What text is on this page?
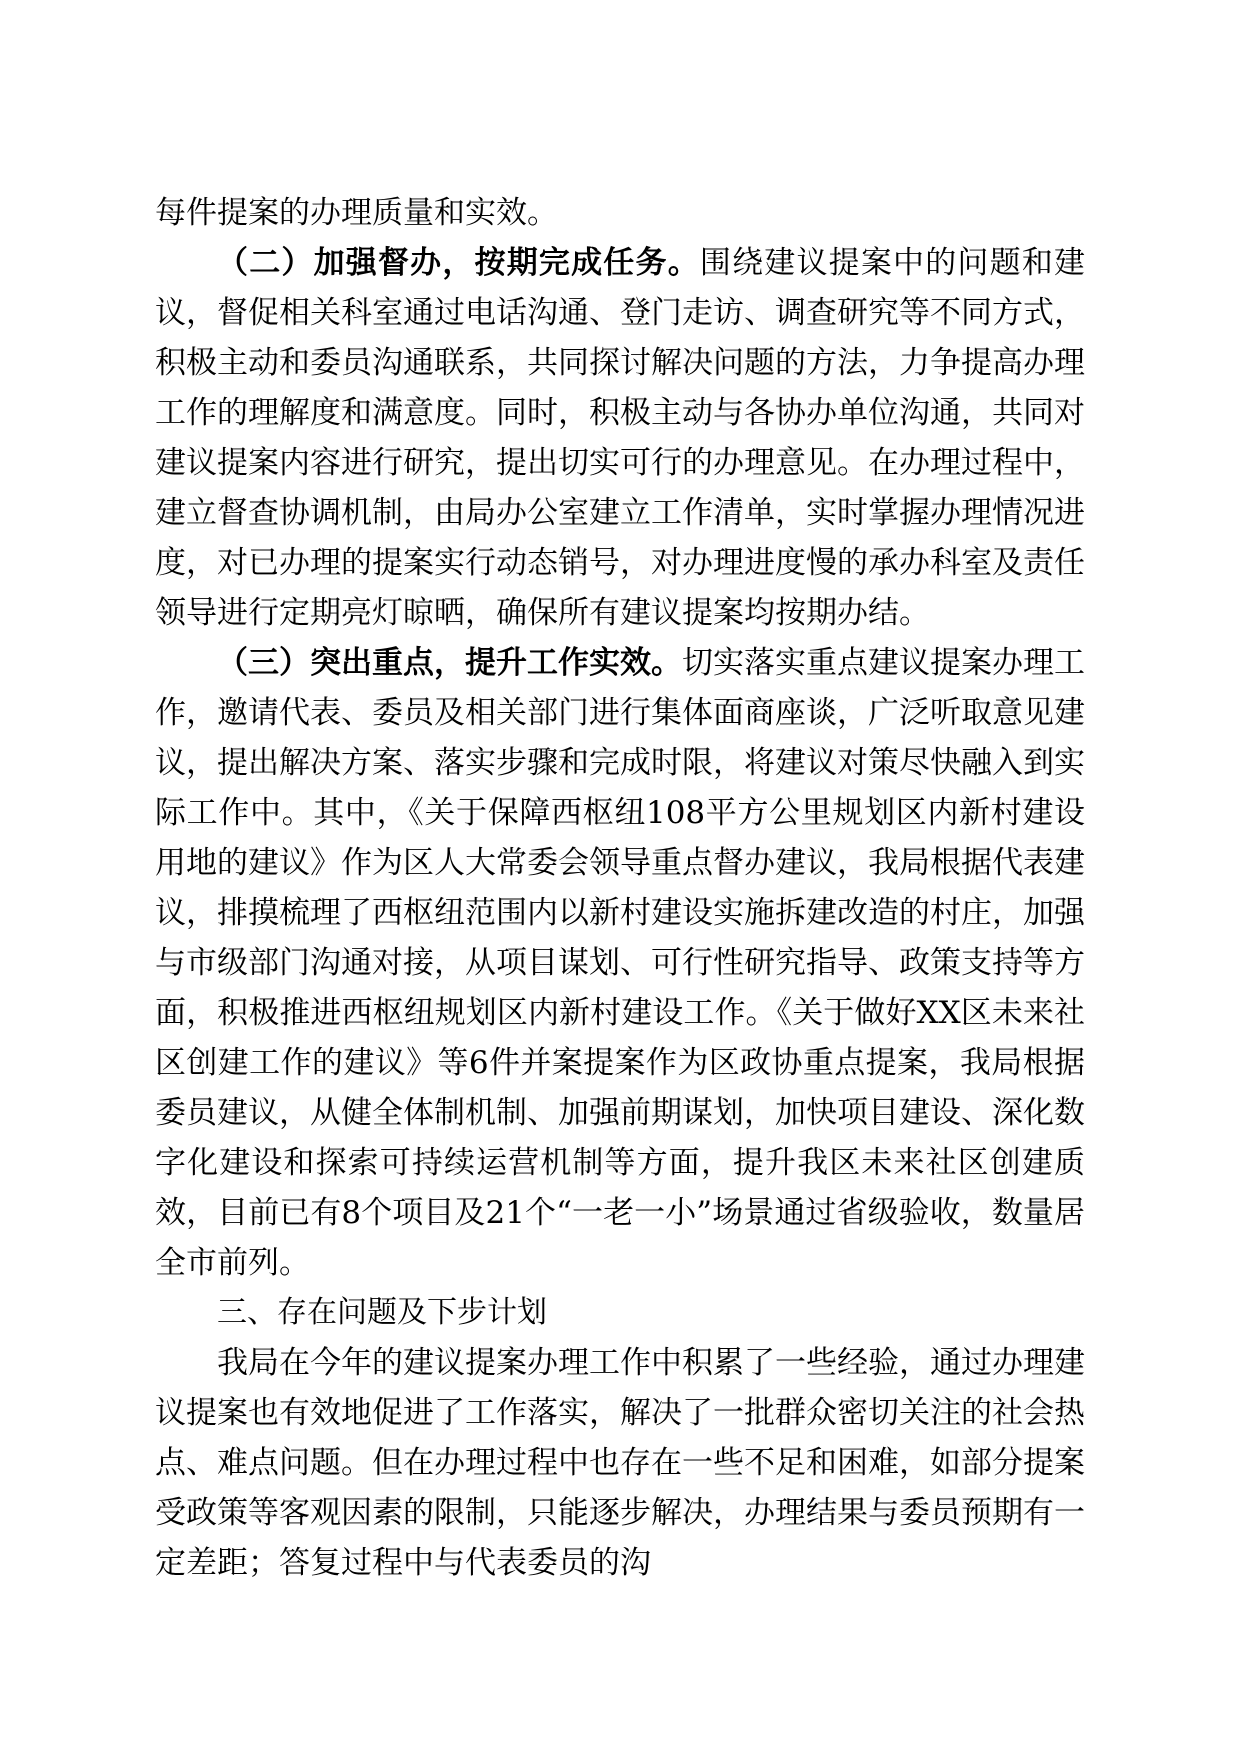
每件提案的办理质量和实效。

（二）加强督办，按期完成任务。围绕建议提案中的问题和建议，督促相关科室通过电话沟通、登门走访、调查研究等不同方式，积极主动和委员沟通联系，共同探讨解决问题的方法，力争提高办理工作的理解度和满意度。同时，积极主动与各协办单位沟通，共同对建议提案内容进行研究，提出切实可行的办理意见。在办理过程中，建立督查协调机制，由局办公室建立工作清单，实时掌握办理情况进度，对已办理的提案实行动态销号，对办理进度慢的承办科室及责任领导进行定期亮灯晾晒，确保所有建议提案均按期办结。

（三）突出重点，提升工作实效。切实落实重点建议提案办理工作，邀请代表、委员及相关部门进行集体面商座谈，广泛听取意见建议，提出解决方案、落实步骤和完成时限，将建议对策尽快融入到实际工作中。其中，《关于保障西枢纽108平方公里规划区内新村建设用地的建议》作为区人大常委会领导重点督办建议，我局根据代表建议，排摸梳理了西枢纽范围内以新村建设实施拆建改造的村庄，加强与市级部门沟通对接，从项目谋划、可行性研究指导、政策支持等方面，积极推进西枢纽规划区内新村建设工作。《关于做好XX区未来社区创建工作的建议》等6件并案提案作为区政协重点提案，我局根据委员建议，从健全体制机制、加强前期谋划，加快项目建设、深化数字化建设和探索可持续运营机制等方面，提升我区未来社区创建质效，目前已有8个项目及21个“一老一小”场景通过省级验收，数量居全市前列。

三、存在问题及下步计划

我局在今年的建议提案办理工作中积累了一些经验，通过办理建议提案也有效地促进了工作落实，解决了一批群众密切关注的社会热点、难点问题。但在办理过程中也存在一些不足和困难，如部分提案受政策等客观因素的限制，只能逐步解决，办理结果与委员预期有一定差距；答复过程中与代表委员的沟
